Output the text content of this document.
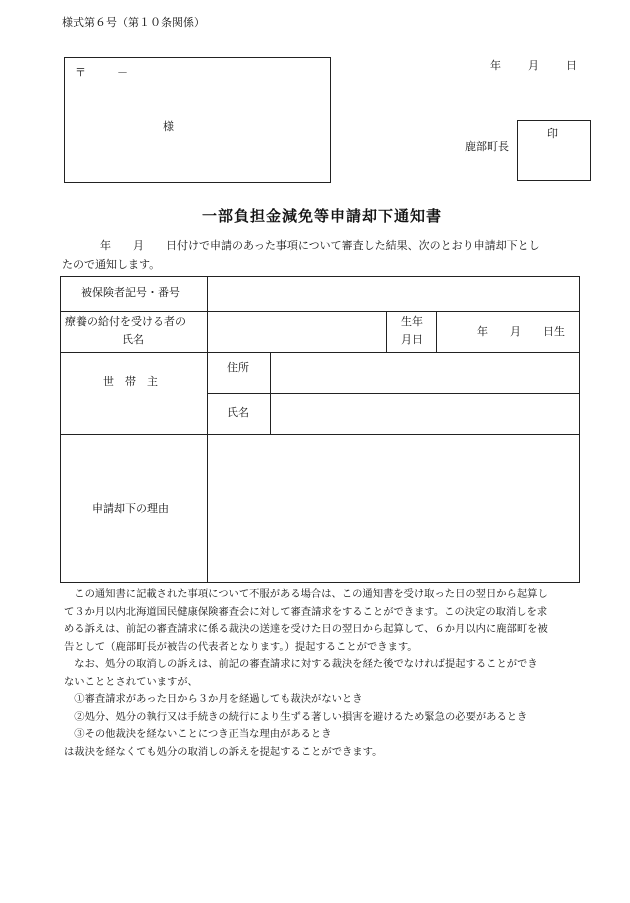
様式第６号（第１０条関係）
年 月 日
〒	－
様
鹿部町長
印
一部負担金減免等申請却下通知書
年　　月　　日付けで申請のあった事項について審査した結果、次のとおり申請却下とし
たので通知します。
被保険者記号・番号
療養の給付を受ける者の
氏名
生年
月日
年　　月　　日生
世　帯　主
住所
氏名
申請却下の理由

　この通知書に記載された事項について不服がある場合は、この通知書を受け取った日の翌日から起算し

て３か月以内北海道国民健康保険審査会に対して審査請求をすることができます。この決定の取消しを求

める訴えは、前記の審査請求に係る裁決の送達を受けた日の翌日から起算して、６か月以内に鹿部町を被

告として（鹿部町長が被告の代表者となります。）提起することができます。

　なお、処分の取消しの訴えは、前記の審査請求に対する裁決を経た後でなければ提起することができ

ないこととされていますが、

　①審査請求があった日から３か月を経過しても裁決がないとき

　②処分、処分の執行又は手続きの続行により生ずる著しい損害を避けるため緊急の必要があるとき

　③その他裁決を経ないことにつき正当な理由があるとき

は裁決を経なくても処分の取消しの訴えを提起することができます。
